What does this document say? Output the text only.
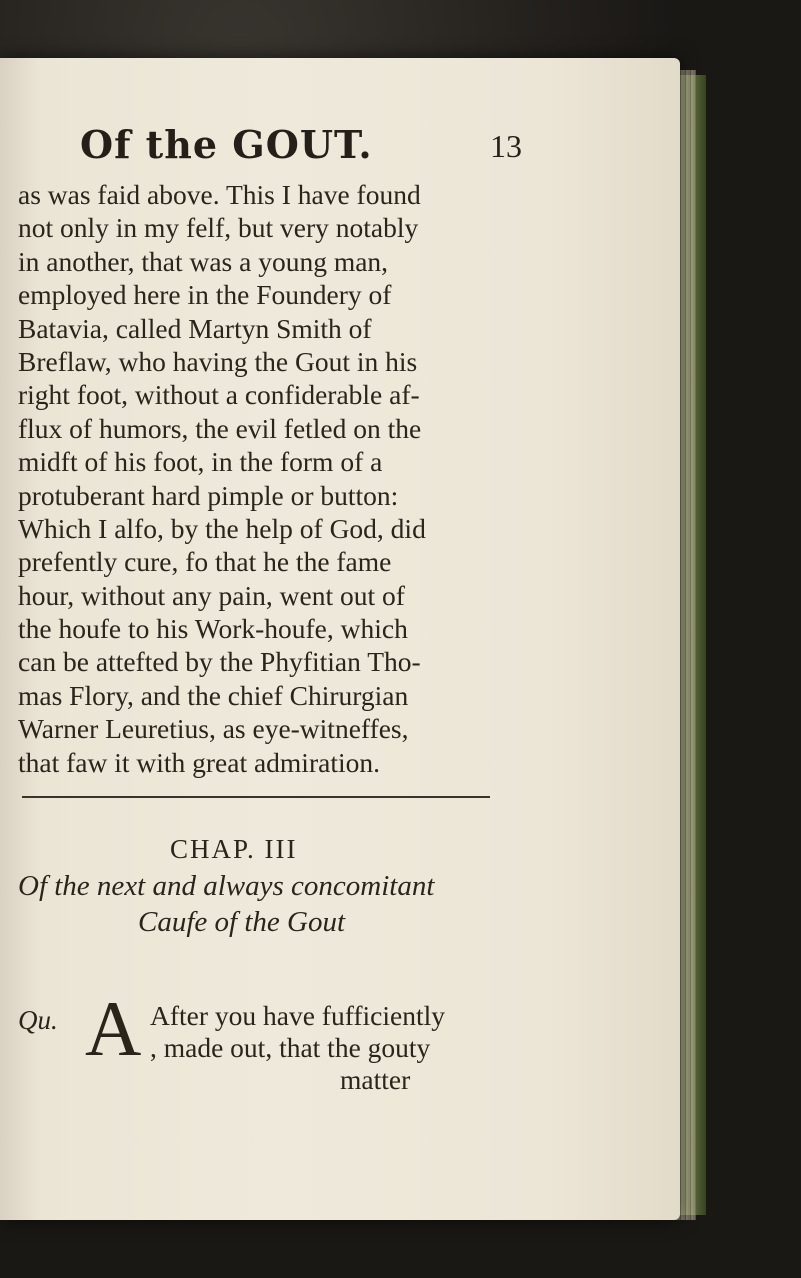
Of the GOUT.	13
as was faid above. This I have found
not only in my felf, but very notably
in another, that was a young man,
employed here in the Foundery of
Batavia, called Martyn Smith of
Breflaw, who having the Gout in his
right foot, without a confiderable af-
flux of humors, the evil fetled on the
midft of his foot, in the form of a
protuberant hard pimple or button:
Which I alfo, by the help of God, did
prefently cure, fo that he the fame
hour, without any pain, went out of
the houfe to his Work-houfe, which
can be attefted by the Phyfitian Tho-
mas Flory, and the chief Chirurgian
Warner Leuretius, as eye-witneffes,
that faw it with great admiration.
CHAP. III
Of the next and always concomitant
Caufe of the Gout
Qu. A After you have fufficiently
, made out, that the gouty
matter
